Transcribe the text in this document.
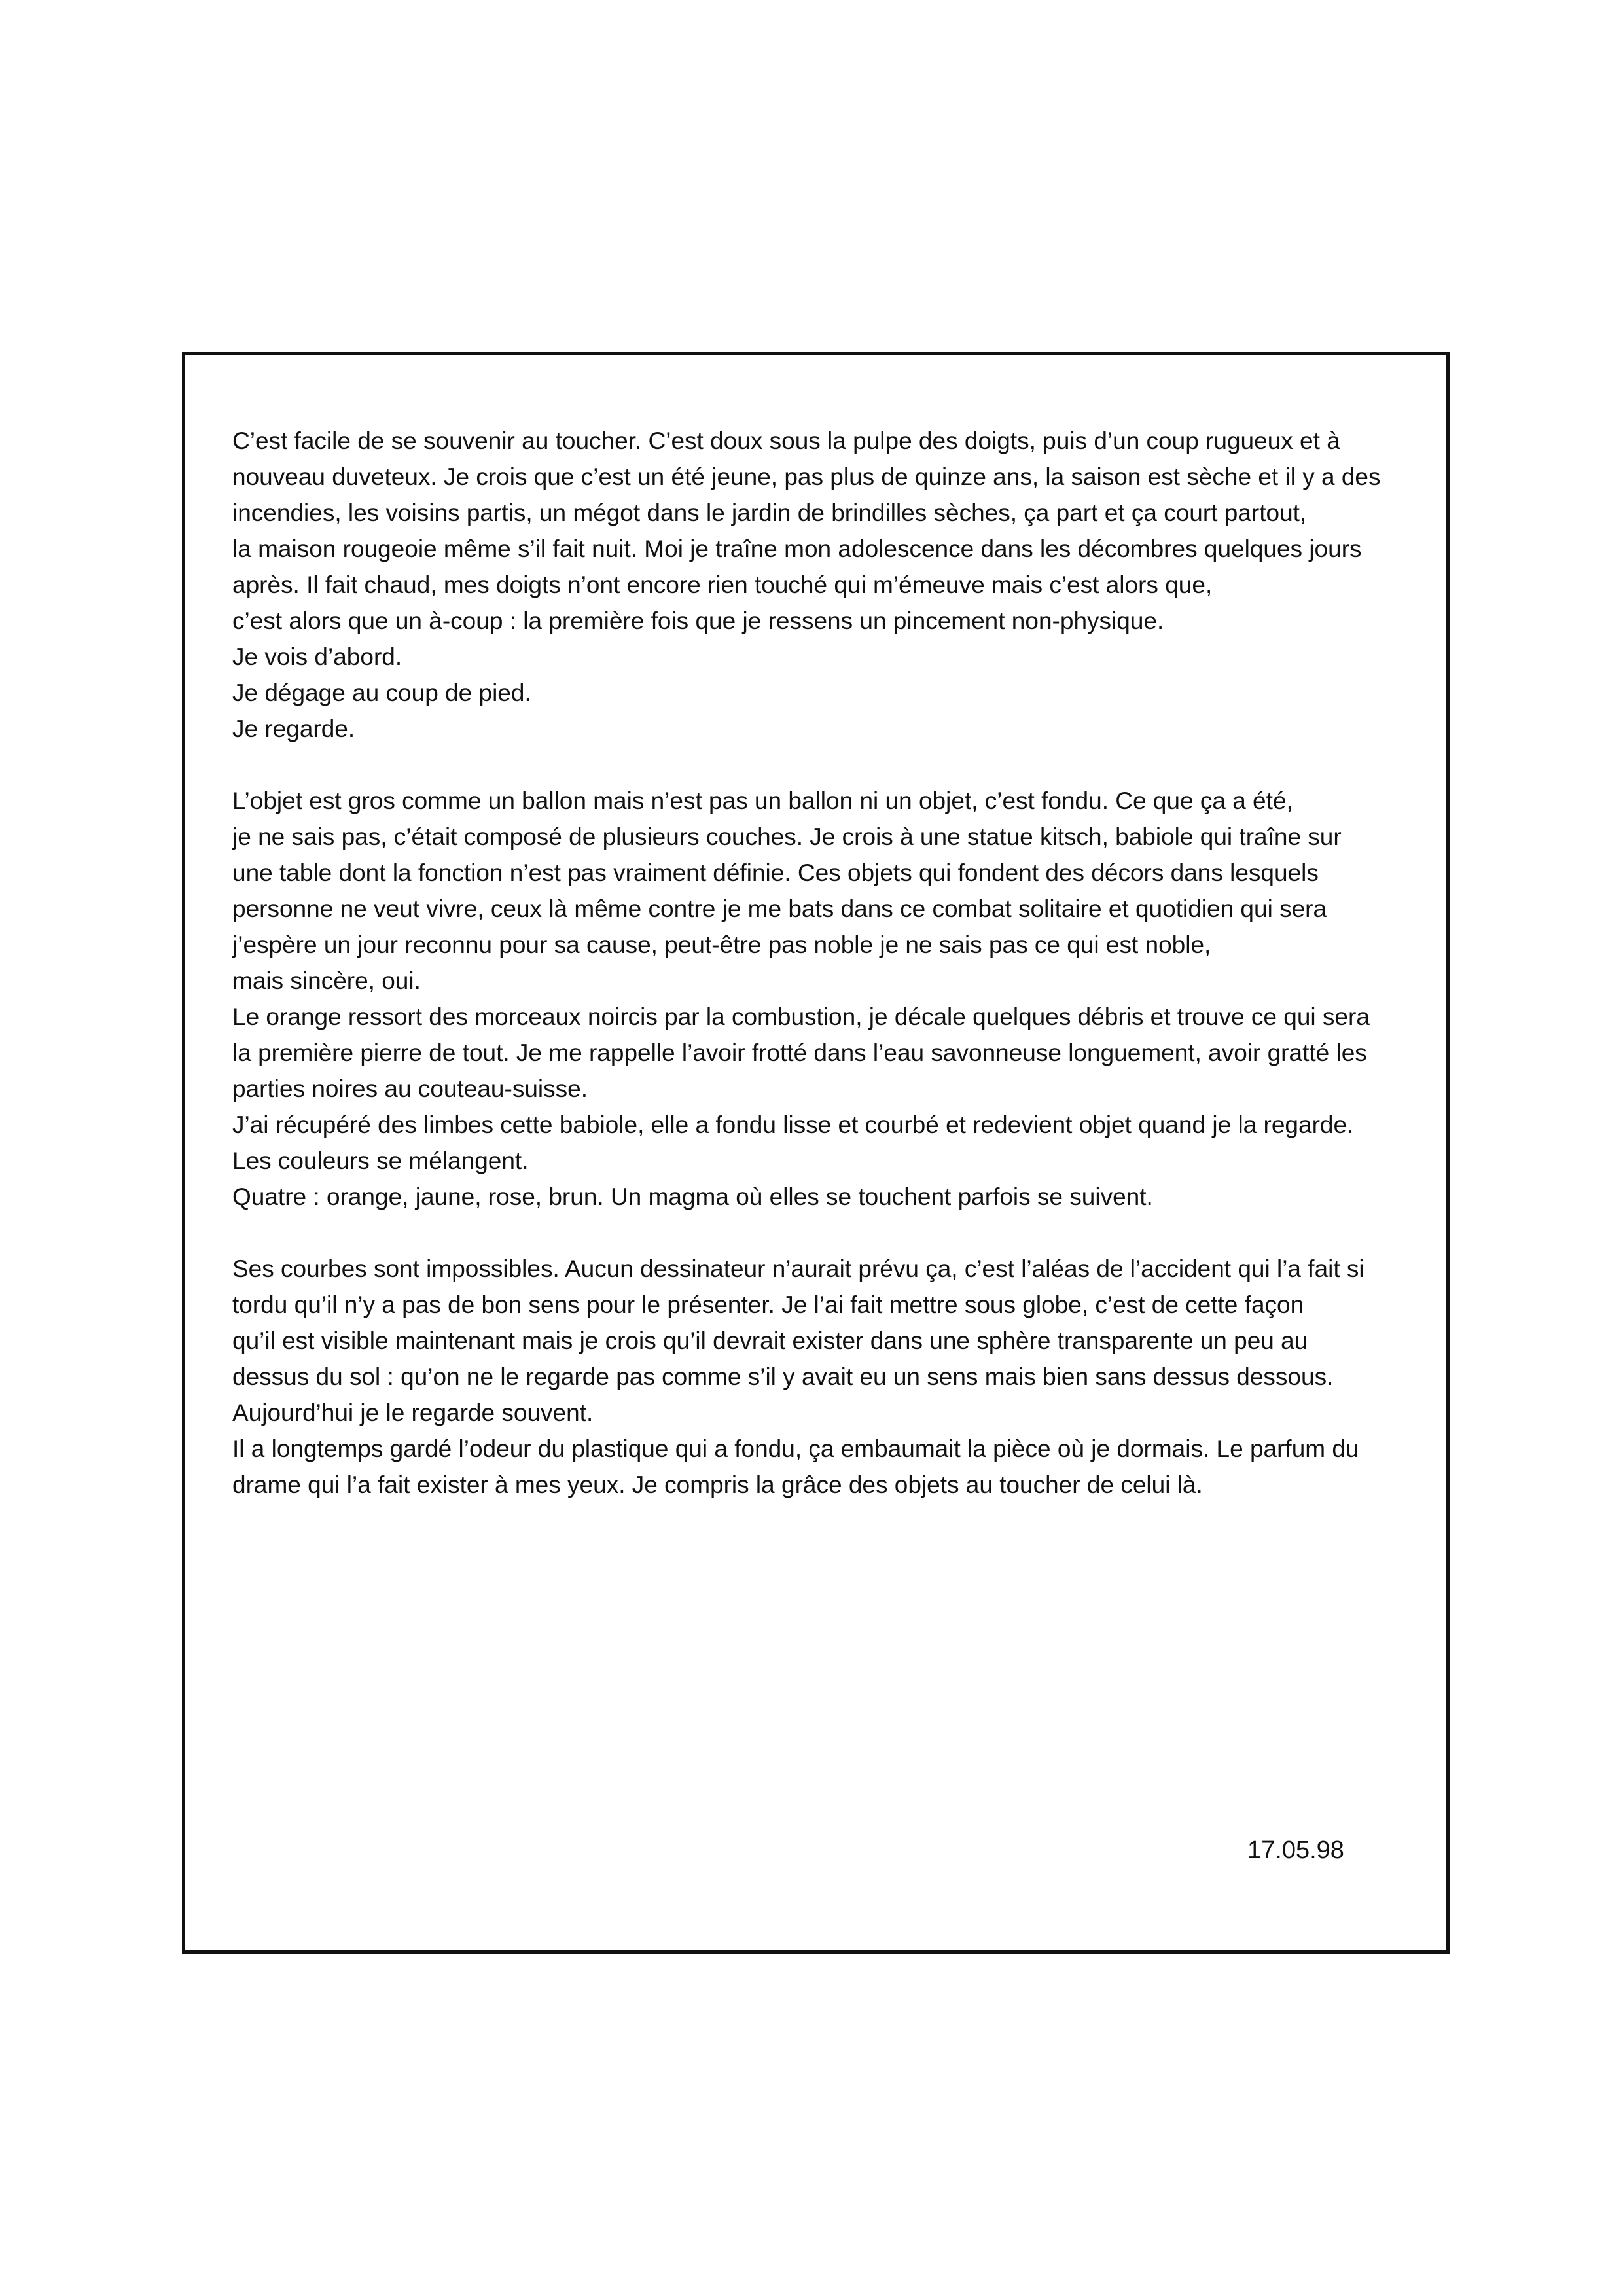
C’est facile de se souvenir au toucher. C’est doux sous la pulpe des doigts, puis d’un coup rugueux et à
nouveau duveteux. Je crois que c’est un été jeune, pas plus de quinze ans, la saison est sèche et il y a des
incendies, les voisins partis, un mégot dans le jardin de brindilles sèches, ça part et ça court partout,
la maison rougeoie même s’il fait nuit. Moi je traîne mon adolescence dans les décombres quelques jours
après. Il fait chaud, mes doigts n’ont encore rien touché qui m’émeuve mais c’est alors que,
c’est alors que un à-coup : la première fois que je ressens un pincement non-physique.
Je vois d’abord.
Je dégage au coup de pied.
Je regarde.
L’objet est gros comme un ballon mais n’est pas un ballon ni un objet, c’est fondu. Ce que ça a été,
je ne sais pas, c’était composé de plusieurs couches. Je crois à une statue kitsch, babiole qui traîne sur
une table dont la fonction n’est pas vraiment définie. Ces objets qui fondent des décors dans lesquels
personne ne veut vivre, ceux là même contre je me bats dans ce combat solitaire et quotidien qui sera
j’espère un jour reconnu pour sa cause, peut-être pas noble je ne sais pas ce qui est noble,
mais sincère, oui.
Le orange ressort des morceaux noircis par la combustion, je décale quelques débris et trouve ce qui sera
la première pierre de tout. Je me rappelle l’avoir frotté dans l’eau savonneuse longuement, avoir gratté les
parties noires au couteau-suisse.
J’ai récupéré des limbes cette babiole, elle a fondu lisse et courbé et redevient objet quand je la regarde.
Les couleurs se mélangent.
Quatre : orange, jaune, rose, brun. Un magma où elles se touchent parfois se suivent.
Ses courbes sont impossibles. Aucun dessinateur n’aurait prévu ça, c’est l’aléas de l’accident qui l’a fait si
tordu qu’il n’y a pas de bon sens pour le présenter. Je l’ai fait mettre sous globe, c’est de cette façon
qu’il est visible maintenant mais je crois qu’il devrait exister dans une sphère transparente un peu au
dessus du sol : qu’on ne le regarde pas comme s’il y avait eu un sens mais bien sans dessus dessous.
Aujourd’hui je le regarde souvent.
Il a longtemps gardé l’odeur du plastique qui a fondu, ça embaumait la pièce où je dormais. Le parfum du
drame qui l’a fait exister à mes yeux. Je compris la grâce des objets au toucher de celui là.
17.05.98
